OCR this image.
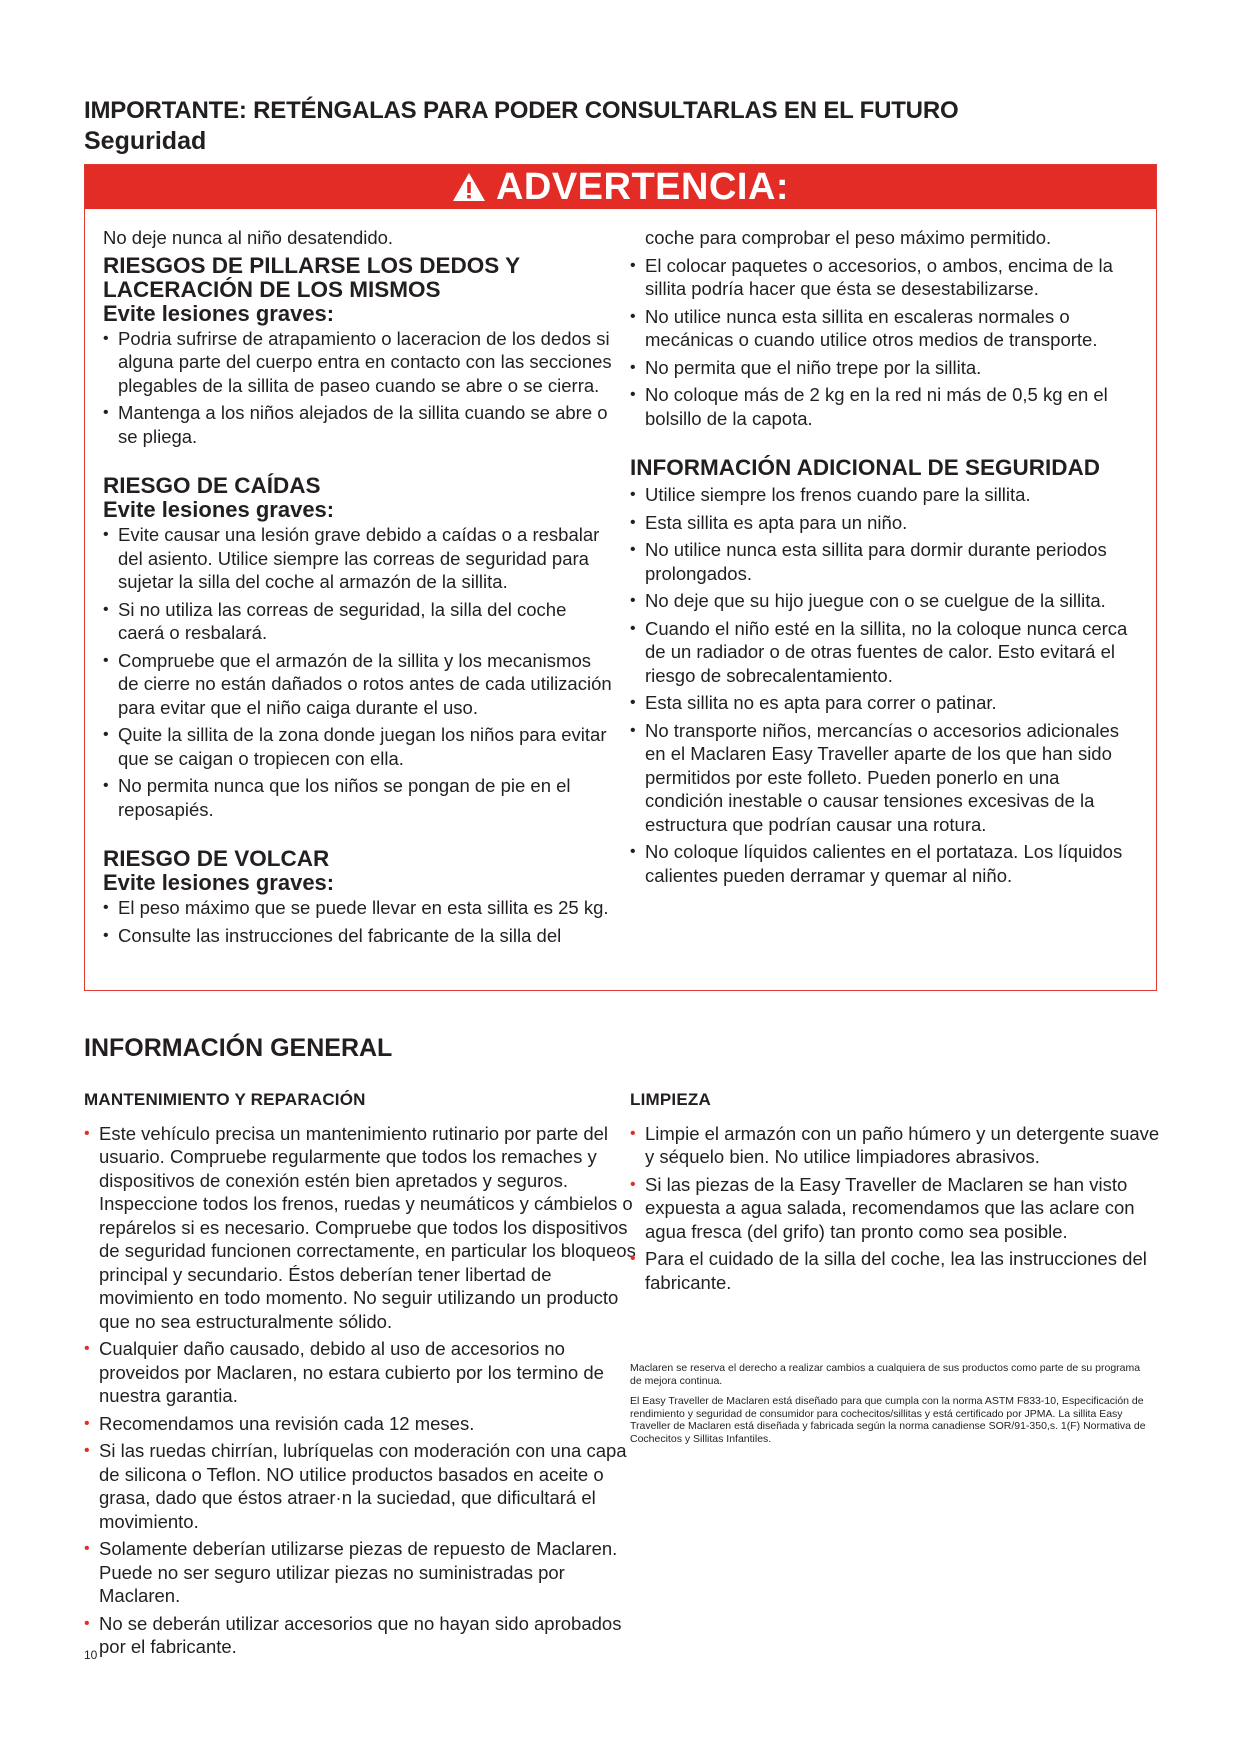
IMPORTANTE: RETÉNGALAS PARA PODER CONSULTARLAS EN EL FUTURO
Seguridad
ADVERTENCIA:

No deje nunca al niño desatendido.

RIESGOS DE PILLARSE LOS DEDOS Y LACERACIÓN DE LOS MISMOS
Evite lesiones graves:
• Podria sufrirse de atrapamiento o laceracion de los dedos si alguna parte del cuerpo entra en contacto con las secciones plegables de la sillita de paseo cuando se abre o se cierra.
• Mantenga a los niños alejados de la sillita cuando se abre o se pliega.
RIESGO DE CAÍDAS
Evite lesiones graves:
• Evite causar una lesión grave debido a caídas o a resbalar del asiento. Utilice siempre las correas de seguridad para sujetar la silla del coche al armazón de la sillita.
• Si no utiliza las correas de seguridad, la silla del coche caerá o resbalará.
• Compruebe que el armazón de la sillita y los mecanismos de cierre no están dañados o rotos antes de cada utilización para evitar que el niño caiga durante el uso.
• Quite la sillita de la zona donde juegan los niños para evitar que se caigan o tropiecen con ella.
• No permita nunca que los niños se pongan de pie en el reposapiés.
RIESGO DE VOLCAR
Evite lesiones graves:
• El peso máximo que se puede llevar en esta sillita es 25 kg.
• Consulte las instrucciones del fabricante de la silla del

coche para comprobar el peso máximo permitido.

• El colocar paquetes o accesorios, o ambos, encima de la sillita podría hacer que ésta se desestabilizarse.
• No utilice nunca esta sillita en escaleras normales o mecánicas o cuando utilice otros medios de transporte.
• No permita que el niño trepe por la sillita.
• No coloque más de 2 kg en la red ni más de 0,5 kg en el bolsillo de la capota.
INFORMACIÓN ADICIONAL DE SEGURIDAD
• Utilice siempre los frenos cuando pare la sillita.
• Esta sillita es apta para un niño.
• No utilice nunca esta sillita para dormir durante periodos prolongados.
• No deje que su hijo juegue con o se cuelgue de la sillita.
• Cuando el niño esté en la sillita, no la coloque nunca cerca de un radiador o de otras fuentes de calor. Esto evitará el riesgo de sobrecalentamiento.
• Esta sillita no es apta para correr o patinar.
• No transporte niños, mercancías o accesorios adicionales en el Maclaren Easy Traveller aparte de los que han sido permitidos por este folleto. Pueden ponerlo en una condición inestable o causar tensiones excesivas de la estructura que podrían causar una rotura.
• No coloque líquidos calientes en el portataza. Los líquidos calientes pueden derramar y quemar al niño.
INFORMACIÓN GENERAL
MANTENIMIENTO Y REPARACIÓN
• Este vehículo precisa un mantenimiento rutinario por parte del usuario. Compruebe regularmente que todos los remaches y dispositivos de conexión estén bien apretados y seguros. Inspeccione todos los frenos, ruedas y neumáticos y cámbielos o repárelos si es necesario. Compruebe que todos los dispositivos de seguridad funcionen correctamente, en particular los bloqueos principal y secundario. Éstos deberían tener libertad de movimiento en todo momento. No seguir utilizando un producto que no sea estructuralmente sólido.
• Cualquier daño causado, debido al uso de accesorios no proveidos por Maclaren, no estara cubierto por los termino de nuestra garantia.
• Recomendamos una revisión cada 12 meses.
• Si las ruedas chirrían, lubríquelas con moderación con una capa de silicona o Teflon. NO utilice productos basados en aceite o grasa, dado que éstos atraer·n la suciedad, que dificultará el movimiento.
• Solamente deberían utilizarse piezas de repuesto de Maclaren. Puede no ser seguro utilizar piezas no suministradas por Maclaren.
• No se deberán utilizar accesorios que no hayan sido aprobados por el fabricante.
LIMPIEZA
• Limpie el armazón con un paño húmero y un detergente suave y séquelo bien. No utilice limpiadores abrasivos.
• Si las piezas de la Easy Traveller de Maclaren se han visto expuesta a agua salada, recomendamos que las aclare con agua fresca (del grifo) tan pronto como sea posible.
• Para el cuidado de la silla del coche, lea las instrucciones del fabricante.

Maclaren se reserva el derecho a realizar cambios a cualquiera de sus productos como parte de su programa de mejora continua.

El Easy Traveller de Maclaren está diseñado para que cumpla con la norma ASTM F833-10, Especificación de rendimiento y seguridad de consumidor para cochecitos/sillitas y está certificado por JPMA. La sillita Easy Traveller de Maclaren está diseñada y fabricada según la norma canadiense SOR/91-350,s. 1(F) Normativa de Cochecitos y Sillitas Infantiles.

10
